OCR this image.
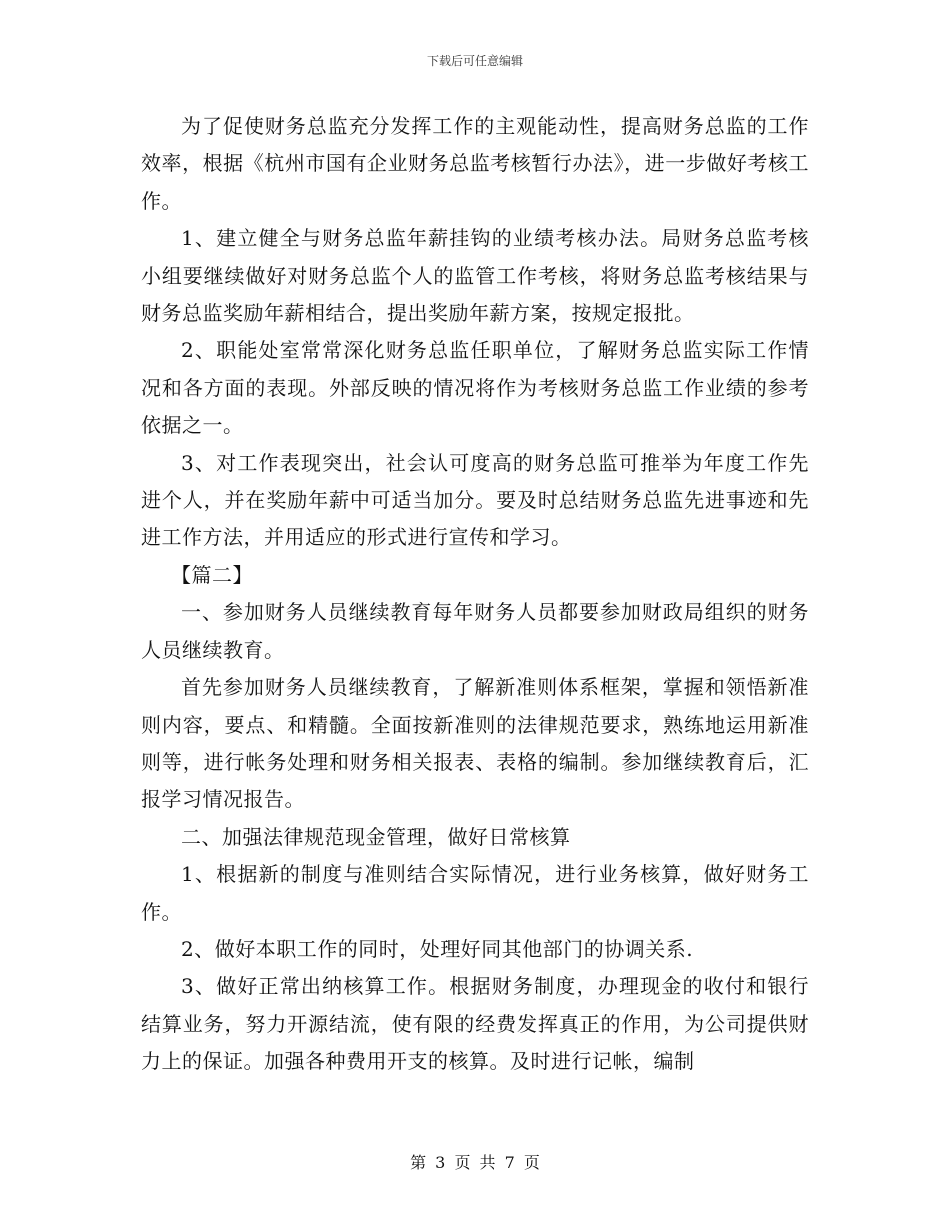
下载后可任意编辑

为了促使财务总监充分发挥工作的主观能动性，提高财务总监的工作效率，根据《杭州市国有企业财务总监考核暂行办法》，进一步做好考核工作。

1、建立健全与财务总监年薪挂钩的业绩考核办法。局财务总监考核小组要继续做好对财务总监个人的监管工作考核，将财务总监考核结果与财务总监奖励年薪相结合，提出奖励年薪方案，按规定报批。

2、职能处室常常深化财务总监任职单位，了解财务总监实际工作情况和各方面的表现。外部反映的情况将作为考核财务总监工作业绩的参考依据之一。

3、对工作表现突出，社会认可度高的财务总监可推举为年度工作先进个人，并在奖励年薪中可适当加分。要及时总结财务总监先进事迹和先进工作方法，并用适应的形式进行宣传和学习。

【篇二】

一、参加财务人员继续教育每年财务人员都要参加财政局组织的财务人员继续教育。

首先参加财务人员继续教育，了解新准则体系框架，掌握和领悟新准则内容，要点、和精髓。全面按新准则的法律规范要求，熟练地运用新准则等，进行帐务处理和财务相关报表、表格的编制。参加继续教育后，汇报学习情况报告。

二、加强法律规范现金管理，做好日常核算

1、根据新的制度与准则结合实际情况，进行业务核算，做好财务工作。

2、做好本职工作的同时，处理好同其他部门的协调关系.

3、做好正常出纳核算工作。根据财务制度，办理现金的收付和银行结算业务，努力开源结流，使有限的经费发挥真正的作用，为公司提供财力上的保证。加强各种费用开支的核算。及时进行记帐，编制

第 3 页 共 7 页
